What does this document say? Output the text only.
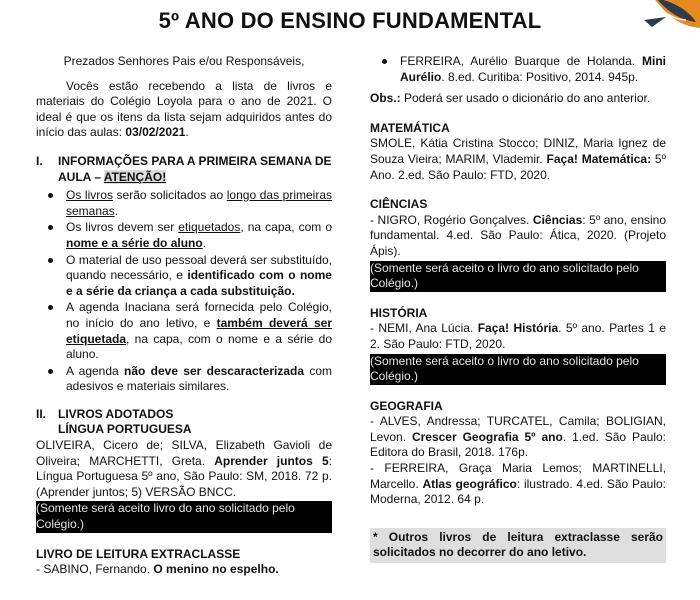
5º ANO DO ENSINO FUNDAMENTAL

Prezados Senhores Pais e/ou Responsáveis,

Vocês estão recebendo a lista de livros e materiais do Colégio Loyola para o ano de 2021. O ideal é que os itens da lista sejam adquiridos antes do início das aulas: 03/02/2021.

I.	INFORMAÇÕES PARA A PRIMEIRA SEMANA DE AULA – ATENÇÃO!
Os livros serão solicitados ao longo das primeiras semanas.
Os livros devem ser etiquetados, na capa, com o nome e a série do aluno.
O material de uso pessoal deverá ser substituído, quando necessário, e identificado com o nome e a série da criança a cada substituição.
A agenda Inaciana será fornecida pelo Colégio, no início do ano letivo, e também deverá ser etiquetada, na capa, com o nome e a série do aluno.
A agenda não deve ser descaracterizada com adesivos e materiais similares.
II. LIVROS ADOTADOS

LÍNGUA PORTUGUESA

OLIVEIRA, Cicero de; SILVA, Elizabeth Gavioli de Oliveira; MARCHETTI, Greta. Aprender juntos 5: Língua Portuguesa 5º ano, São Paulo: SM, 2018. 72 p. (Aprender juntos; 5) VERSÃO BNCC.

(Somente será aceito livro do ano solicitado pelo Colégio.)

LIVRO DE LEITURA EXTRACLASSE

- SABINO, Fernando. O menino no espelho.

FERREIRA, Aurélio Buarque de Holanda. Mini Aurélio. 8.ed. Curitiba: Positivo, 2014. 945p.

Obs.: Poderá ser usado o dicionário do ano anterior.

MATEMÁTICA

SMOLE, Kátia Cristina Stocco; DINIZ, Maria Ignez de Souza Vieira; MARIM, Vlademir. Faça! Matemática: 5º Ano. 2.ed. São Paulo: FTD, 2020.

CIÊNCIAS

- NIGRO, Rogério Gonçalves. Ciências: 5º ano, ensino fundamental. 4.ed. São Paulo: Ática, 2020. (Projeto Ápis).

(Somente será aceito o livro do ano solicitado pelo Colégio.)

HISTÓRIA

- NEMI, Ana Lúcia. Faça! História. 5º ano. Partes 1 e 2. São Paulo: FTD, 2020.

(Somente será aceito o livro do ano solicitado pelo Colégio.)

GEOGRAFIA

- ALVES, Andressa; TURCATEL, Camila; BOLIGIAN, Levon. Crescer Geografia 5º ano. 1.ed. São Paulo: Editora do Brasil, 2018. 176p.

- FERREIRA, Graça Maria Lemos; MARTINELLI, Marcello. Atlas geográfico: ilustrado. 4.ed. São Paulo: Moderna, 2012. 64 p.

* Outros livros de leitura extraclasse serão solicitados no decorrer do ano letivo.
